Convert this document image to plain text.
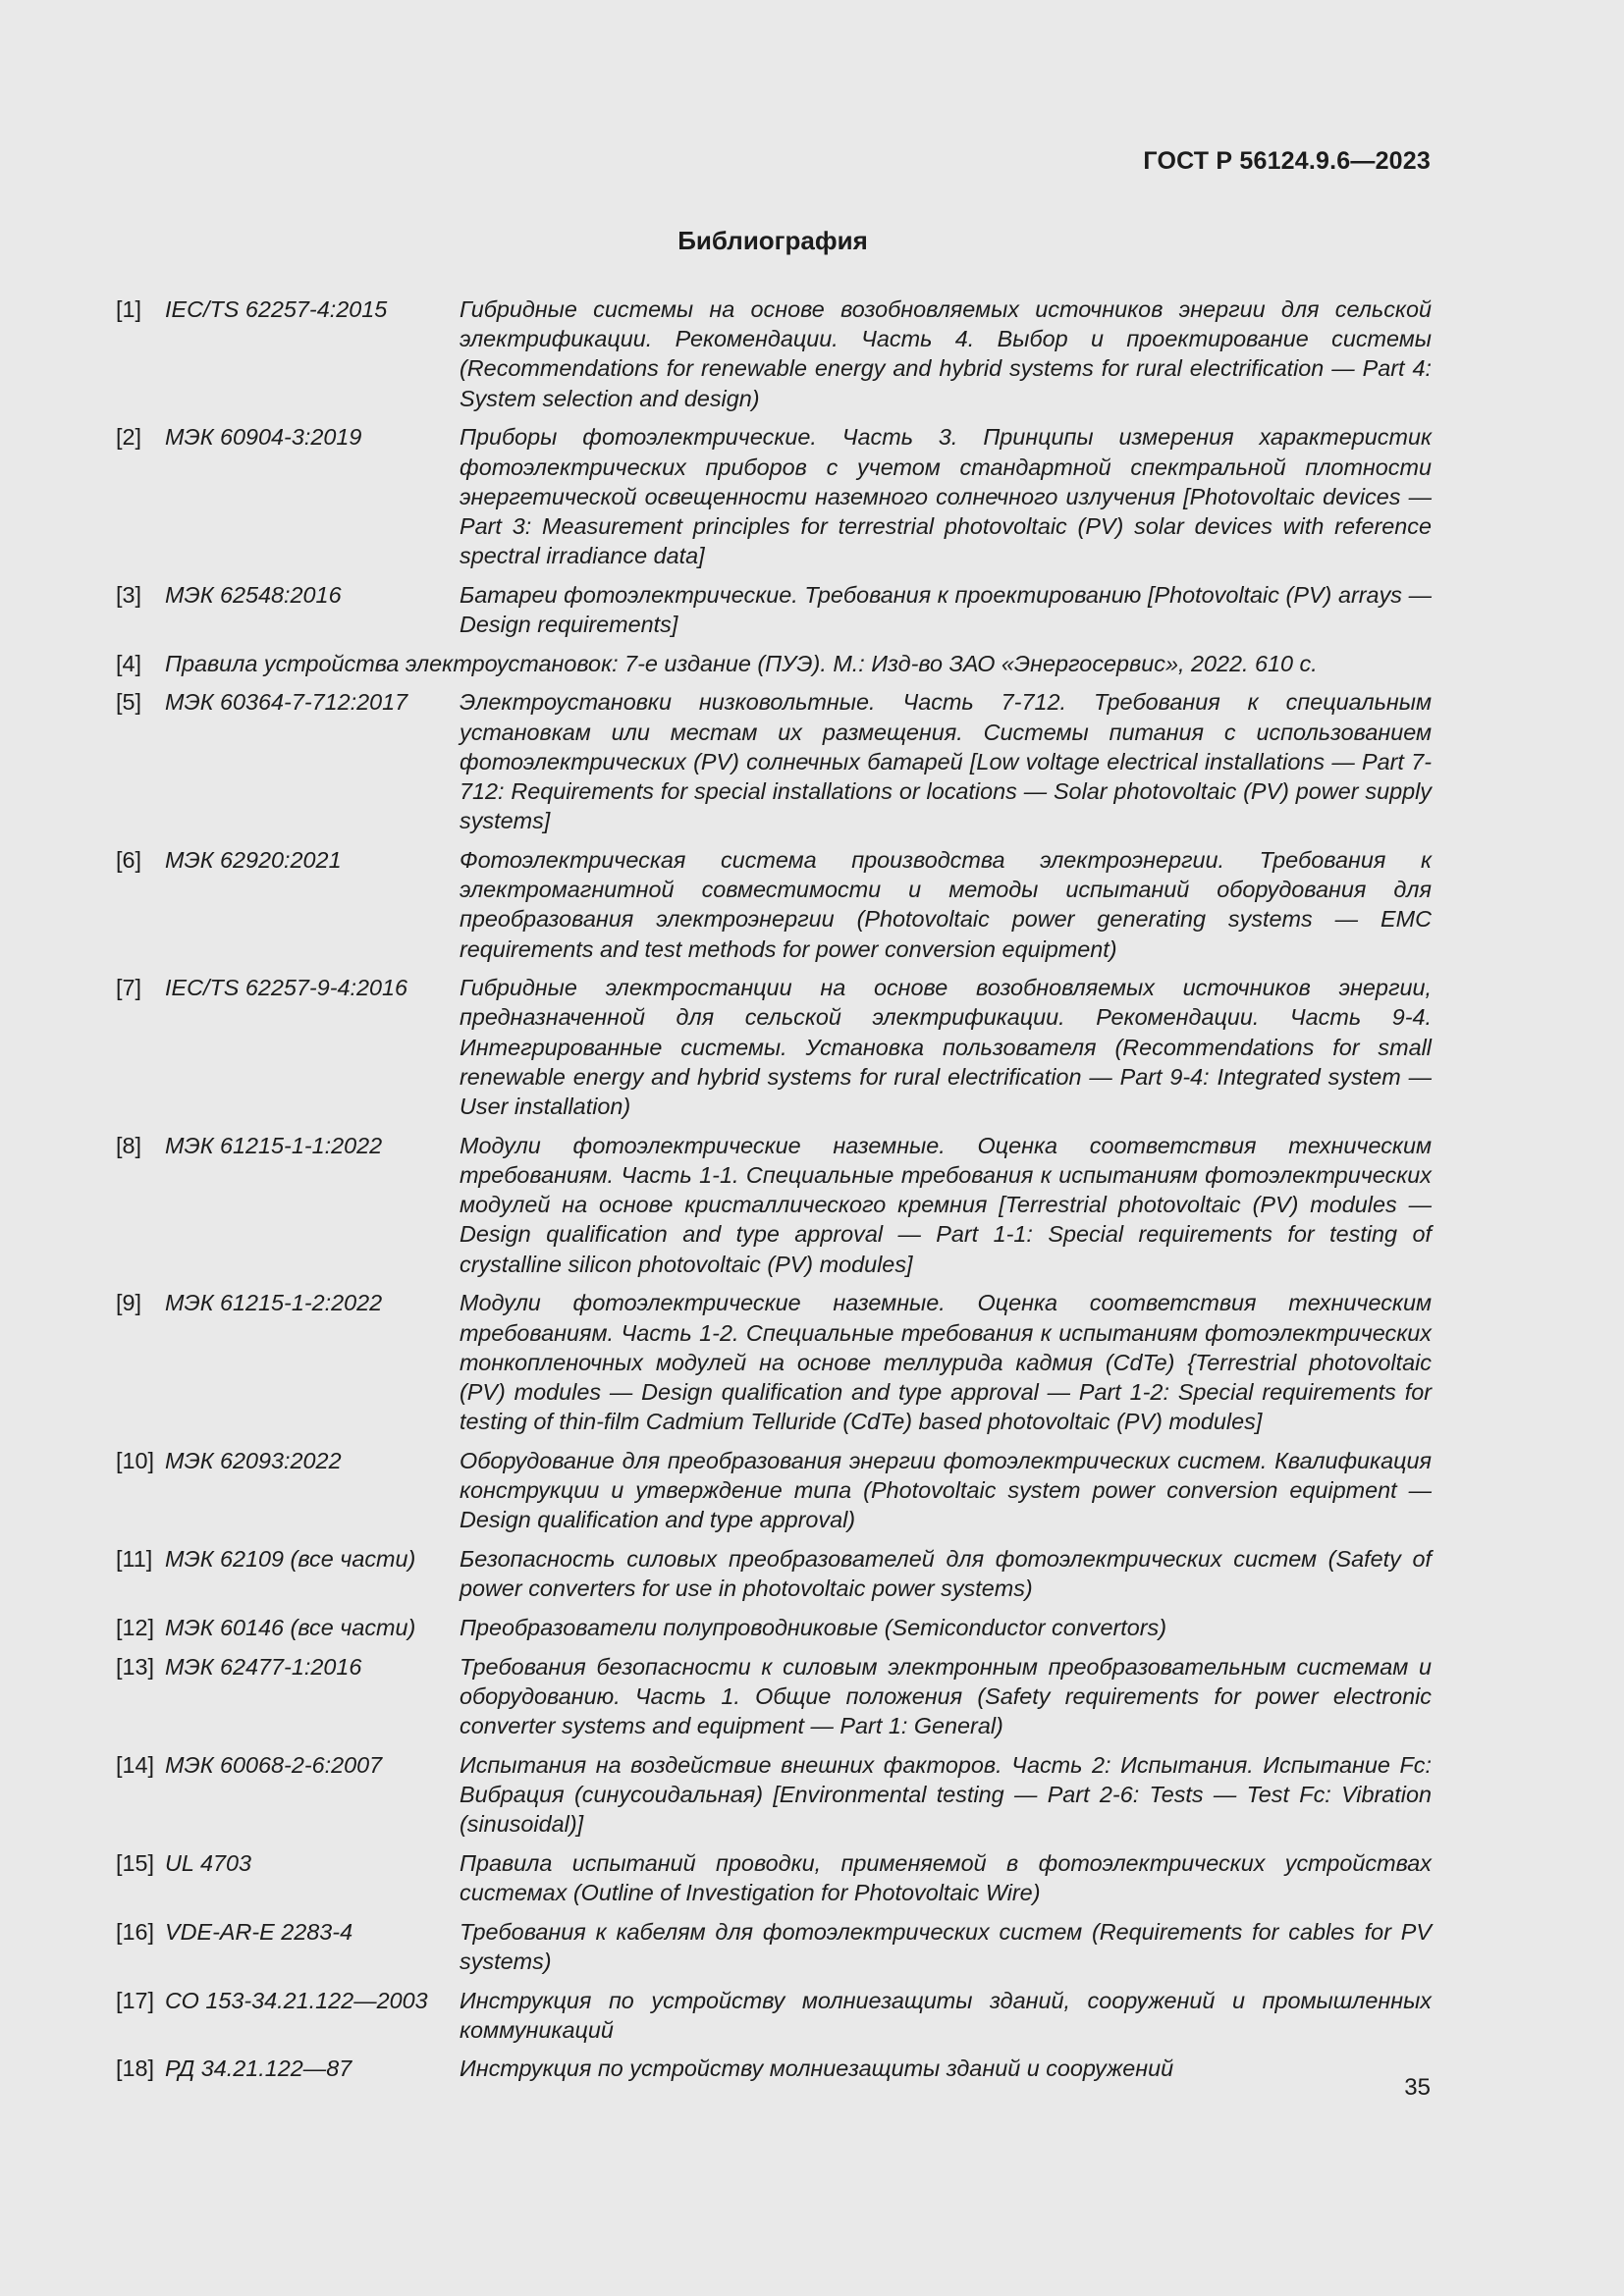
ГОСТ Р 56124.9.6—2023

Библиография
[1] IEC/TS 62257-4:2015	Гибридные системы на основе возобновляемых источников энергии для сельской электрификации. Рекомендации. Часть 4. Выбор и проектирование системы (Recommendations for renewable energy and hybrid systems for rural electrification — Part 4: System selection and design)
[2] МЭК 60904-3:2019	Приборы фотоэлектрические. Часть 3. Принципы измерения характеристик фотоэлектрических приборов с учетом стандартной спектральной плотности энергетической освещенности наземного солнечного излучения [Photovoltaic devices — Part 3: Measurement principles for terrestrial photovoltaic (PV) solar devices with reference spectral irradiance data]
[3] МЭК 62548:2016	Батареи фотоэлектрические. Требования к проектированию [Photovoltaic (PV) arrays — Design requirements]
[4] Правила устройства электроустановок: 7-е издание (ПУЭ). М.: Изд-во ЗАО «Энергосервис», 2022. 610 с.
[5] МЭК 60364-7-712:2017 Электроустановки низковольтные. Часть 7-712. Требования к специальным установкам или местам их размещения. Системы питания с использованием фотоэлектрических (PV) солнечных батарей [Low voltage electrical installations — Part 7-712: Requirements for special installations or locations — Solar photovoltaic (PV) power supply systems]
[6] МЭК 62920:2021	Фотоэлектрическая система производства электроэнергии. Требования к электромагнитной совместимости и методы испытаний оборудования для преобразования электроэнергии (Photovoltaic power generating systems — EMC requirements and test methods for power conversion equipment)
[7] IEC/TS 62257-9-4:2016 Гибридные электростанции на основе возобновляемых источников энергии, предназначенной для сельской электрификации. Рекомендации. Часть 9-4. Интегрированные системы. Установка пользователя (Recommendations for small renewable energy and hybrid systems for rural electrification — Part 9-4: Integrated system — User installation)
[8] МЭК 61215-1-1:2022	Модули фотоэлектрические наземные. Оценка соответствия техническим требованиям. Часть 1-1. Специальные требования к испытаниям фотоэлектрических модулей на основе кристаллического кремния [Terrestrial photovoltaic (PV) modules — Design qualification and type approval — Part 1-1: Special requirements for testing of crystalline silicon photovoltaic (PV) modules]
[9] МЭК 61215-1-2:2022	Модули фотоэлектрические наземные. Оценка соответствия техническим требованиям. Часть 1-2. Специальные требования к испытаниям фотоэлектрических тонкопленочных модулей на основе теллурида кадмия (CdTe) {Terrestrial photovoltaic (PV) modules — Design qualification and type approval — Part 1-2: Special requirements for testing of thin-film Cadmium Telluride (CdTe) based photovoltaic (PV) modules]
[10] МЭК 62093:2022	Оборудование для преобразования энергии фотоэлектрических систем. Квалификация конструкции и утверждение типа (Photovoltaic system power conversion equipment — Design qualification and type approval)
[11] МЭК 62109 (все части) Безопасность силовых преобразователей для фотоэлектрических систем (Safety of power converters for use in photovoltaic power systems)
[12] МЭК 60146 (все части) Преобразователи полупроводниковые (Semiconductor convertors)
[13] МЭК 62477-1:2016	Требования безопасности к силовым электронным преобразовательным системам и оборудованию. Часть 1. Общие положения (Safety requirements for power electronic converter systems and equipment — Part 1: General)
[14] МЭК 60068-2-6:2007	Испытания на воздействие внешних факторов. Часть 2: Испытания. Испытание Fc: Вибрация (синусоидальная) [Environmental testing — Part 2-6: Tests — Test Fc: Vibration (sinusoidal)]
[15] UL 4703	Правила испытаний проводки, применяемой в фотоэлектрических устройствах системах (Outline of Investigation for Photovoltaic Wire)
[16] VDE-AR-E 2283-4	Требования к кабелям для фотоэлектрических систем (Requirements for cables for PV systems)
[17] СО 153-34.21.122—2003 Инструкция по устройству молниезащиты зданий, сооружений и промышленных коммуникаций
[18] РД 34.21.122—87	Инструкция по устройству молниезащиты зданий и сооружений

35
